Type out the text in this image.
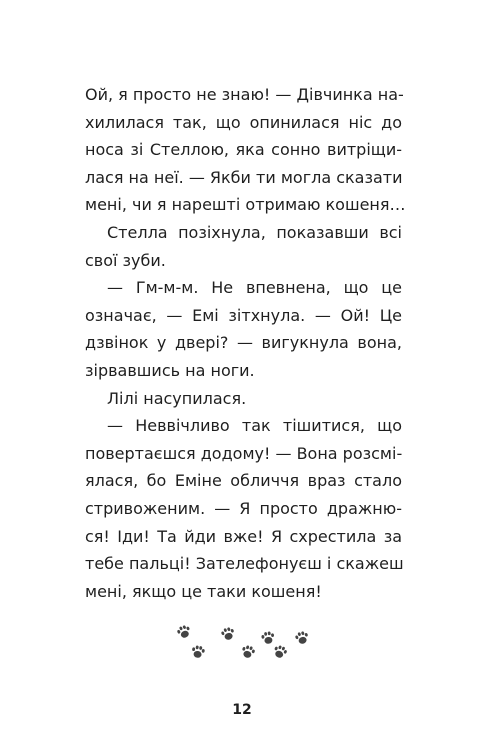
Ой, я просто не знаю! — Дівчинка на-
хилилася так, що опинилася ніс до
носа зі Стеллою, яка сонно витріщи-
лася на неї. — Якби ти могла сказати
мені, чи я нарешті отримаю кошеня…
Стелла позіхнула, показавши всі
свої зуби.
— Гм-м-м. Не впевнена, що це
означає, — Емі зітхнула. — Ой! Це
дзвінок у двері? — вигукнула вона,
зірвавшись на ноги.
Лілі насупилася.
— Неввічливо так тішитися, що
повертаєшся додому! — Вона розсмі-
ялася, бо Еміне обличчя враз стало
стривоженим. — Я просто дражню-
ся! Іди! Та йди вже! Я схрестила за
тебе пальці! Зателефонуєш і скажеш
мені, якщо це таки кошеня!
12
